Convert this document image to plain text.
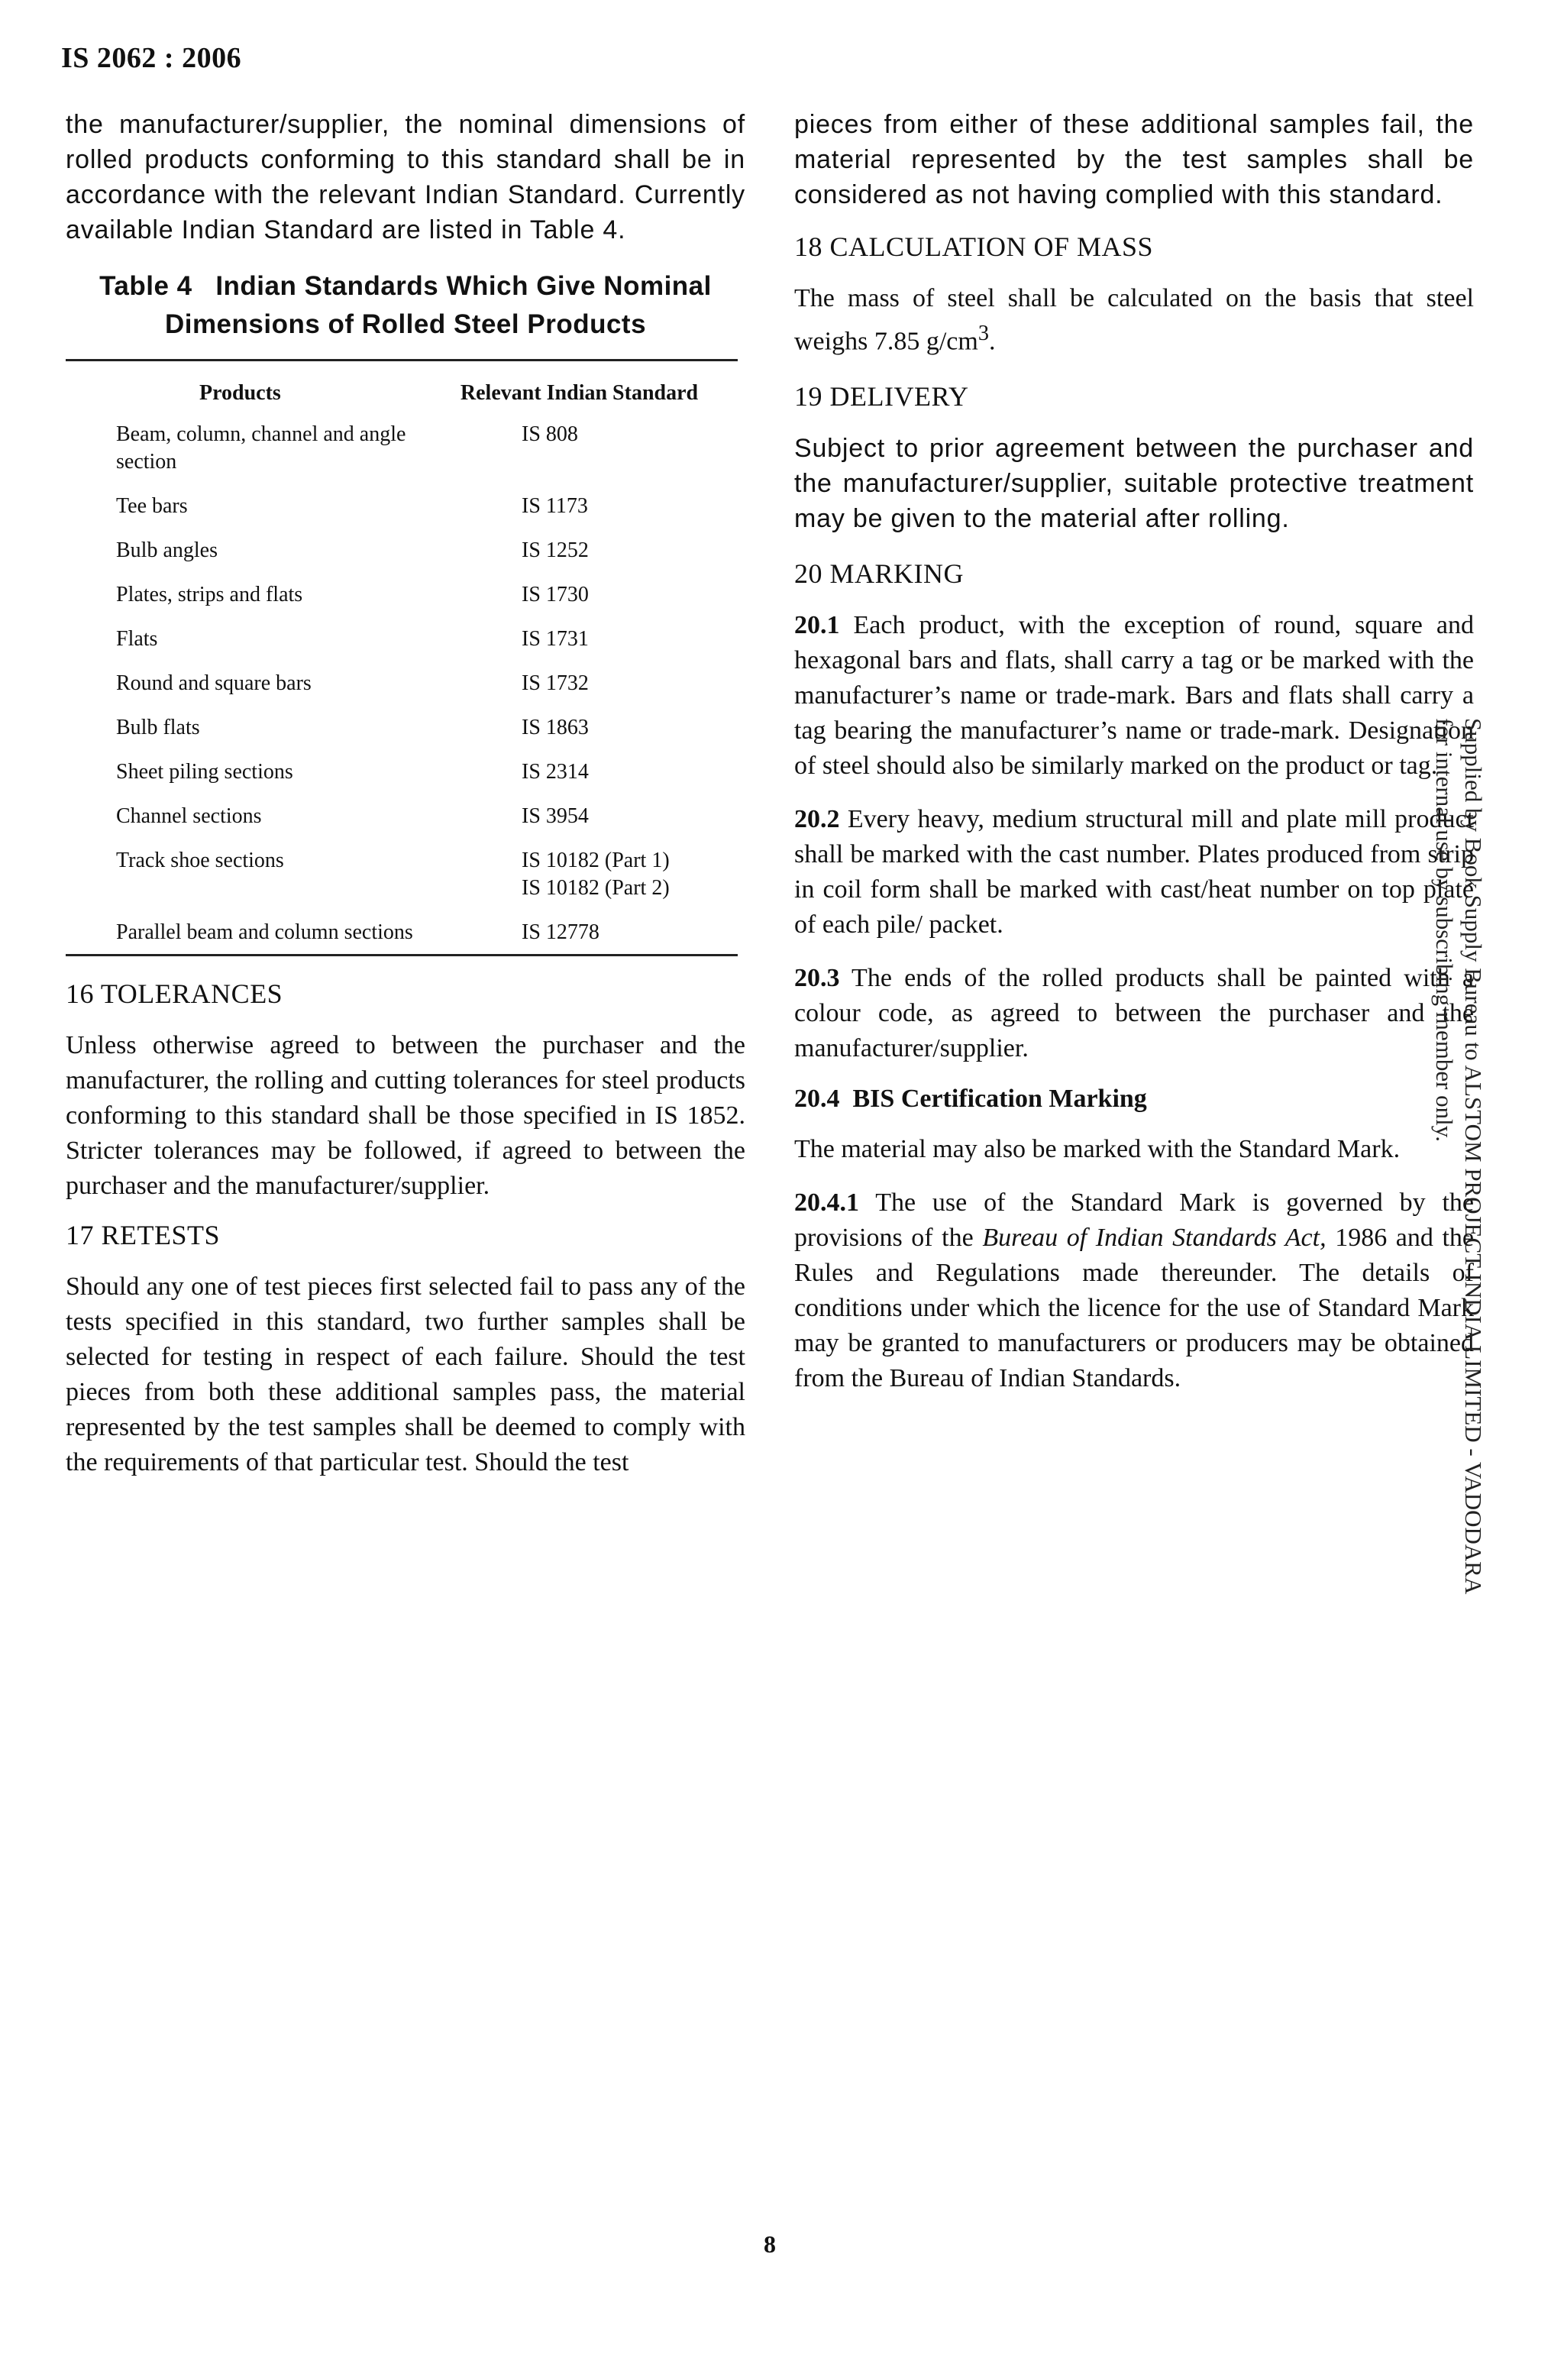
IS 2062 : 2006

the manufacturer/supplier, the nominal dimensions of rolled products conforming to this standard shall be in accordance with the relevant Indian Standard. Currently available Indian Standard are listed in Table 4.

Table 4 Indian Standards Which Give Nominal Dimensions of Rolled Steel Products
Products	Relevant Indian Standard
Beam, column, channel and angle section	IS 808
Tee bars	IS 1173
Bulb angles	IS 1252
Plates, strips and flats	IS 1730
Flats	IS 1731
Round and square bars	IS 1732
Bulb flats	IS 1863
Sheet piling sections	IS 2314
Channel sections	IS 3954
Track shoe sections	IS 10182 (Part 1)
IS 10182 (Part 2)

Parallel beam and column sections	IS 12778
16 TOLERANCES

Unless otherwise agreed to between the purchaser and the manufacturer, the rolling and cutting tolerances for steel products conforming to this standard shall be those specified in IS 1852. Stricter tolerances may be followed, if agreed to between the purchaser and the manufacturer/supplier.

17 RETESTS

Should any one of test pieces first selected fail to pass any of the tests specified in this standard, two further samples shall be selected for testing in respect of each failure. Should the test pieces from both these additional samples pass, the material represented by the test samples shall be deemed to comply with the requirements of that particular test. Should the test

pieces from either of these additional samples fail, the material represented by the test samples shall be considered as not having complied with this standard.

18 CALCULATION OF MASS

The mass of steel shall be calculated on the basis that steel weighs 7.85 $g/cm^3$.

19 DELIVERY

Subject to prior agreement between the purchaser and the manufacturer/supplier, suitable protective treatment may be given to the material after rolling.

20 MARKING

20.1 Each product, with the exception of round, square and hexagonal bars and flats, shall carry a tag or be marked with the manufacturer’s name or trade-mark. Bars and flats shall carry a tag bearing the manufacturer’s name or trade-mark. Designation of steel should also be similarly marked on the product or tag.

20.2 Every heavy, medium structural mill and plate mill product shall be marked with the cast number. Plates produced from strip in coil form shall be marked with cast/heat number on top plate of each pile/ packet.

20.3 The ends of the rolled products shall be painted with a colour code, as agreed to between the purchaser and the manufacturer/supplier.

20.4 BIS Certification Marking

The material may also be marked with the Standard Mark.

20.4.1 The use of the Standard Mark is governed by the provisions of the Bureau of Indian Standards Act, 1986 and the Rules and Regulations made thereunder. The details of conditions under which the licence for the use of Standard Mark may be granted to manufacturers or producers may be obtained from the Bureau of Indian Standards.

8
Supplied by Book Supply Bureau to ALSTOM PROJECT INDIA LIMITED - VADODARA
for internal use by subscribing member only.
